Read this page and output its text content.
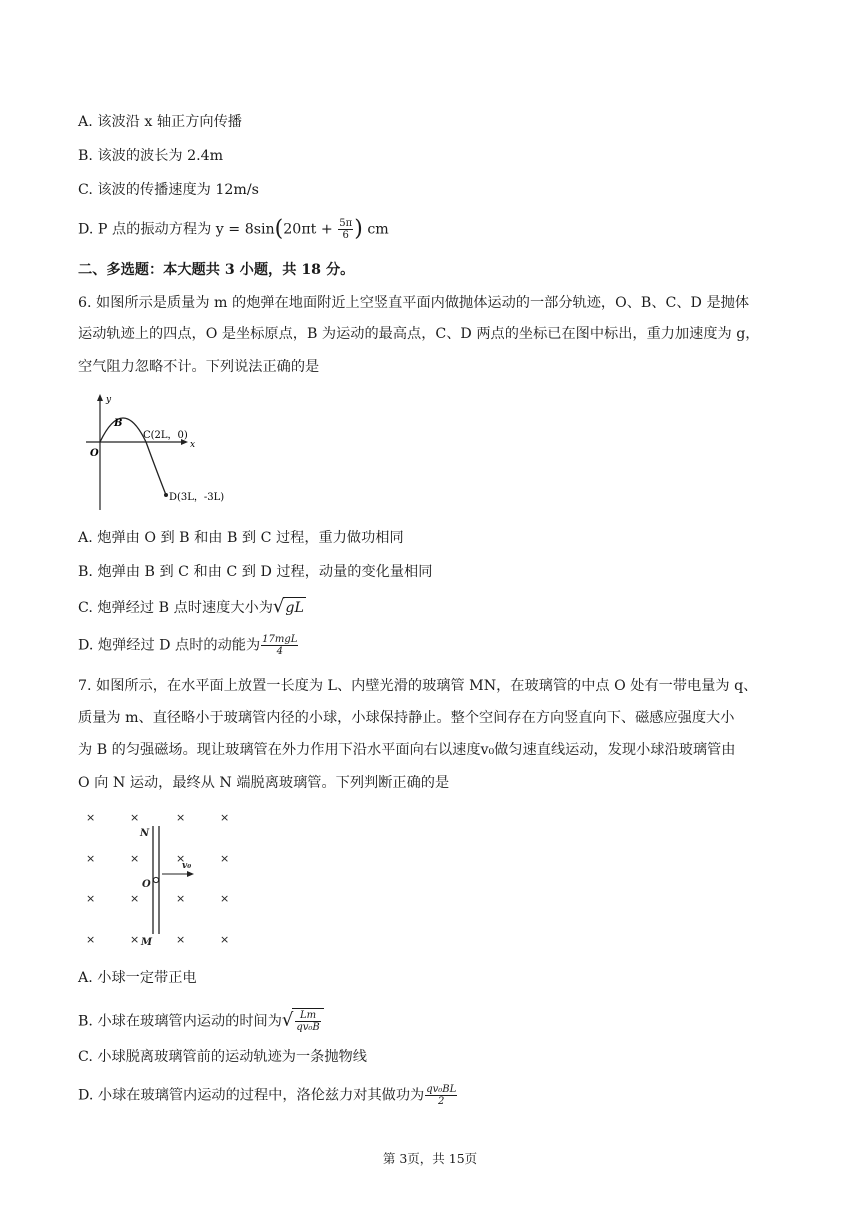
A. 该波沿 x 轴正方向传播
B. 该波的波长为 2.4m
C. 该波的传播速度为 12m/s
D. P 点的振动方程为 $y = 8\sin(20\pi t + \frac{5\pi}{6}$ ) cm
二、多选题：本大题共 3 小题，共 18 分。
6. 如图所示是质量为 m 的炮弹在地面附近上空竖直平面内做抛体运动的一部分轨迹，O、B、C、D 是抛体
运动轨迹上的四点，O 是坐标原点，B 为运动的最高点，C、D 两点的坐标已在图中标出，重力加速度为 g，
空气阻力忽略不计。下列说法正确的是
y
x
O
B
C(2L，0)
D(3L，-3L)
A. 炮弹由 O 到 B 和由 B 到 C 过程，重力做功相同
B. 炮弹由 B 到 C 和由 C 到 D 过程，动量的变化量相同
C. 炮弹经过 B 点时速度大小为√gL
D. 炮弹经过 D 点时的动能为 $\frac{\text{17mgL}}{4}$
7. 如图所示，在水平面上放置一长度为 L、内壁光滑的玻璃管 MN，在玻璃管的中点 O 处有一带电量为 q、
质量为 m、直径略小于玻璃管内径的小球，小球保持静止。整个空间存在方向竖直向下、磁感应强度大小
为 B 的匀强磁场。现让玻璃管在外力作用下沿水平面向右以速度v₀做匀速直线运动，发现小球沿玻璃管由
O 向 N 运动，最终从 N 端脱离玻璃管。下列判断正确的是
×	×	×	×
×	×	×	×
×	×	×	×
×	×	×	×
N
M
O
v₀
A. 小球一定带正电
B. 小球在玻璃管内运动的时间为√ $\frac{Lm}{\text{qv₀B}}$
C. 小球脱离玻璃管前的运动轨迹为一条抛物线
D. 小球在玻璃管内运动的过程中，洛伦兹力对其做功为 $\frac{\text{qv₀BL}}{2}$
第 3页，共 15页
